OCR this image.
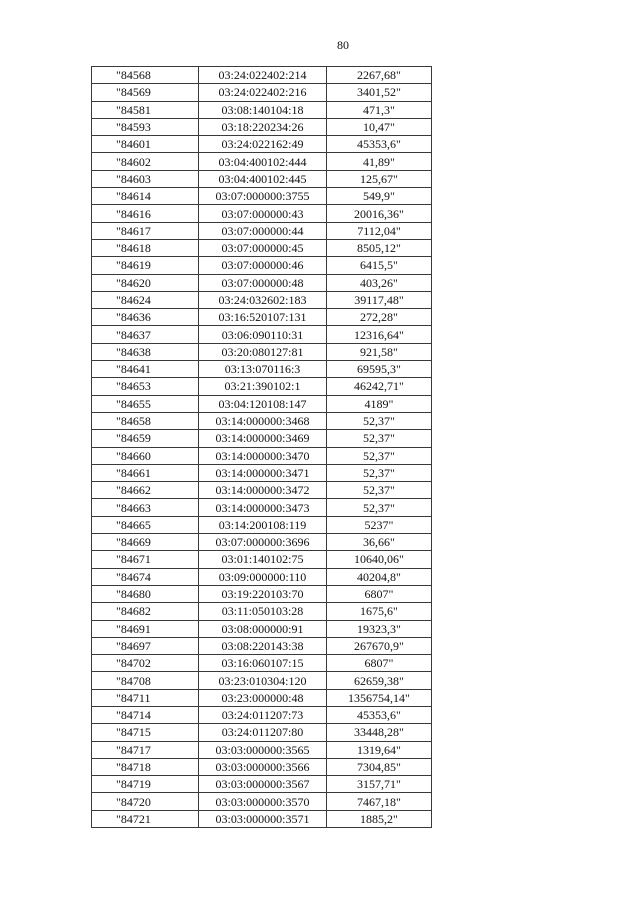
80
"84568	03:24:022402:214	2267,68"
"84569	03:24:022402:216	3401,52"
"84581	03:08:140104:18	471,3"
"84593	03:18:220234:26	10,47"
"84601	03:24:022162:49	45353,6"
"84602	03:04:400102:444	41,89"
"84603	03:04:400102:445	125,67"
"84614	03:07:000000:3755	549,9"
"84616	03:07:000000:43	20016,36"
"84617	03:07:000000:44	7112,04"
"84618	03:07:000000:45	8505,12"
"84619	03:07:000000:46	6415,5"
"84620	03:07:000000:48	403,26"
"84624	03:24:032602:183	39117,48"
"84636	03:16:520107:131	272,28"
"84637	03:06:090110:31	12316,64"
"84638	03:20:080127:81	921,58"
"84641	03:13:070116:3	69595,3"
"84653	03:21:390102:1	46242,71"
"84655	03:04:120108:147	4189"
"84658	03:14:000000:3468	52,37"
"84659	03:14:000000:3469	52,37"
"84660	03:14:000000:3470	52,37"
"84661	03:14:000000:3471	52,37"
"84662	03:14:000000:3472	52,37"
"84663	03:14:000000:3473	52,37"
"84665	03:14:200108:119	5237"
"84669	03:07:000000:3696	36,66"
"84671	03:01:140102:75	10640,06"
"84674	03:09:000000:110	40204,8"
"84680	03:19:220103:70	6807"
"84682	03:11:050103:28	1675,6"
"84691	03:08:000000:91	19323,3"
"84697	03:08:220143:38	267670,9"
"84702	03:16:060107:15	6807"
"84708	03:23:010304:120	62659,38"
"84711	03:23:000000:48	1356754,14"
"84714	03:24:011207:73	45353,6"
"84715	03:24:011207:80	33448,28"
"84717	03:03:000000:3565	1319,64"
"84718	03:03:000000:3566	7304,85"
"84719	03:03:000000:3567	3157,71"
"84720	03:03:000000:3570	7467,18"
"84721	03:03:000000:3571	1885,2"
